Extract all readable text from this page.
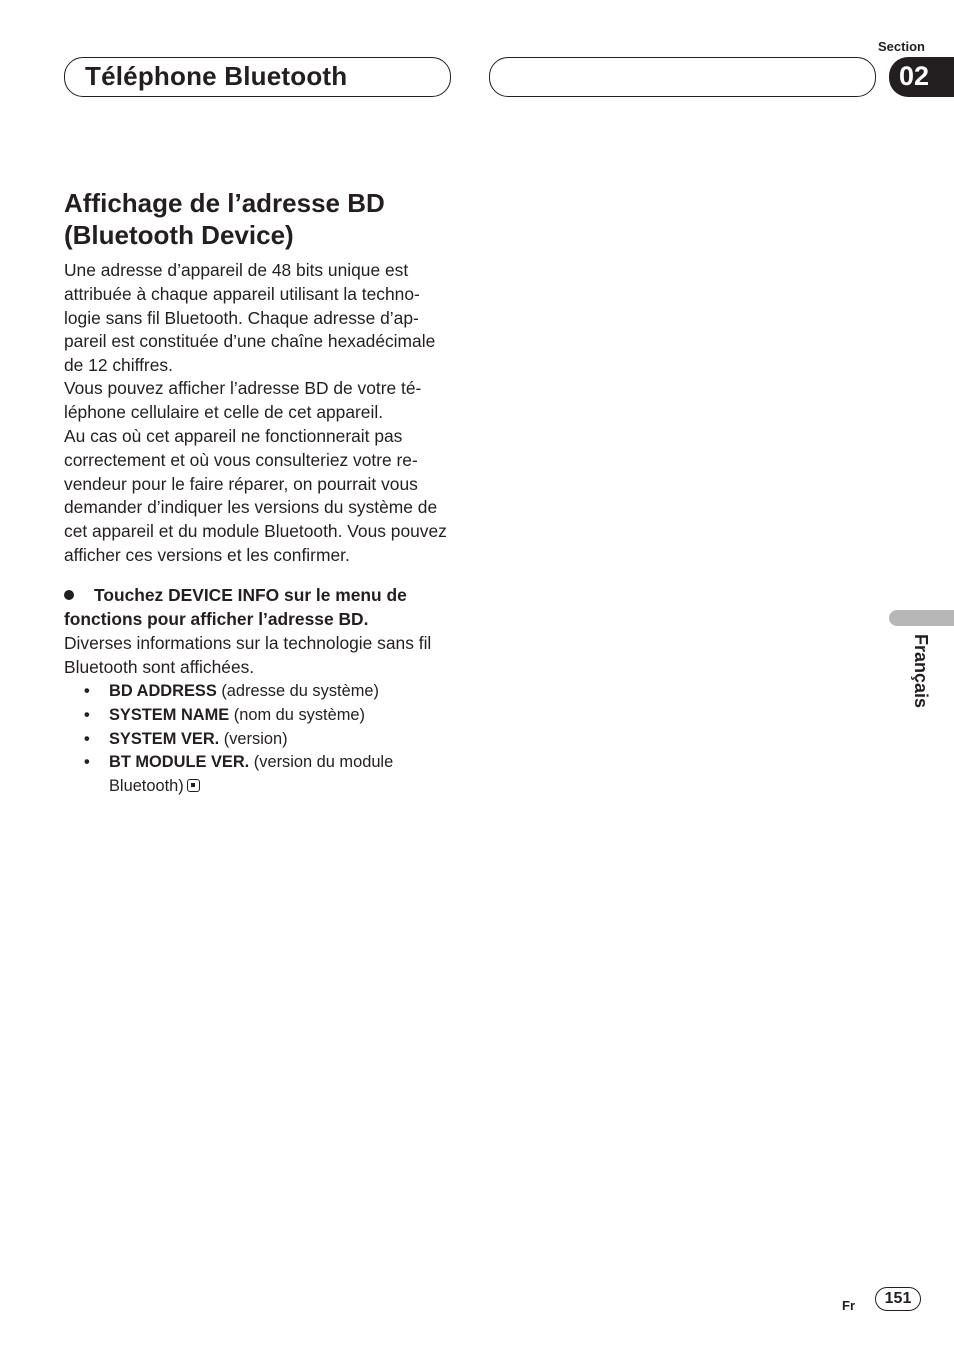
Téléphone Bluetooth
Section
02
Français
Affichage de l’adresse BD (Bluetooth Device)

Une adresse d’appareil de 48 bits unique est attribuée à chaque appareil utilisant la techno-logie sans fil Bluetooth. Chaque adresse d’ap-pareil est constituée d’une chaîne hexadécimale de 12 chiffres.

Vous pouvez afficher l’adresse BD de votre té-léphone cellulaire et celle de cet appareil.

Au cas où cet appareil ne fonctionnerait pas correctement et où vous consulteriez votre re-vendeur pour le faire réparer, on pourrait vous demander d’indiquer les versions du système de cet appareil et du module Bluetooth. Vous pouvez afficher ces versions et les confirmer.

Touchez DEVICE INFO sur le menu de fonctions pour afficher l’adresse BD.

Diverses informations sur la technologie sans fil Bluetooth sont affichées.

• BD ADDRESS (adresse du système)
• SYSTEM NAME (nom du système)
• SYSTEM VER. (version)
• BT MODULE VER. (version du module Bluetooth)
Fr	151
